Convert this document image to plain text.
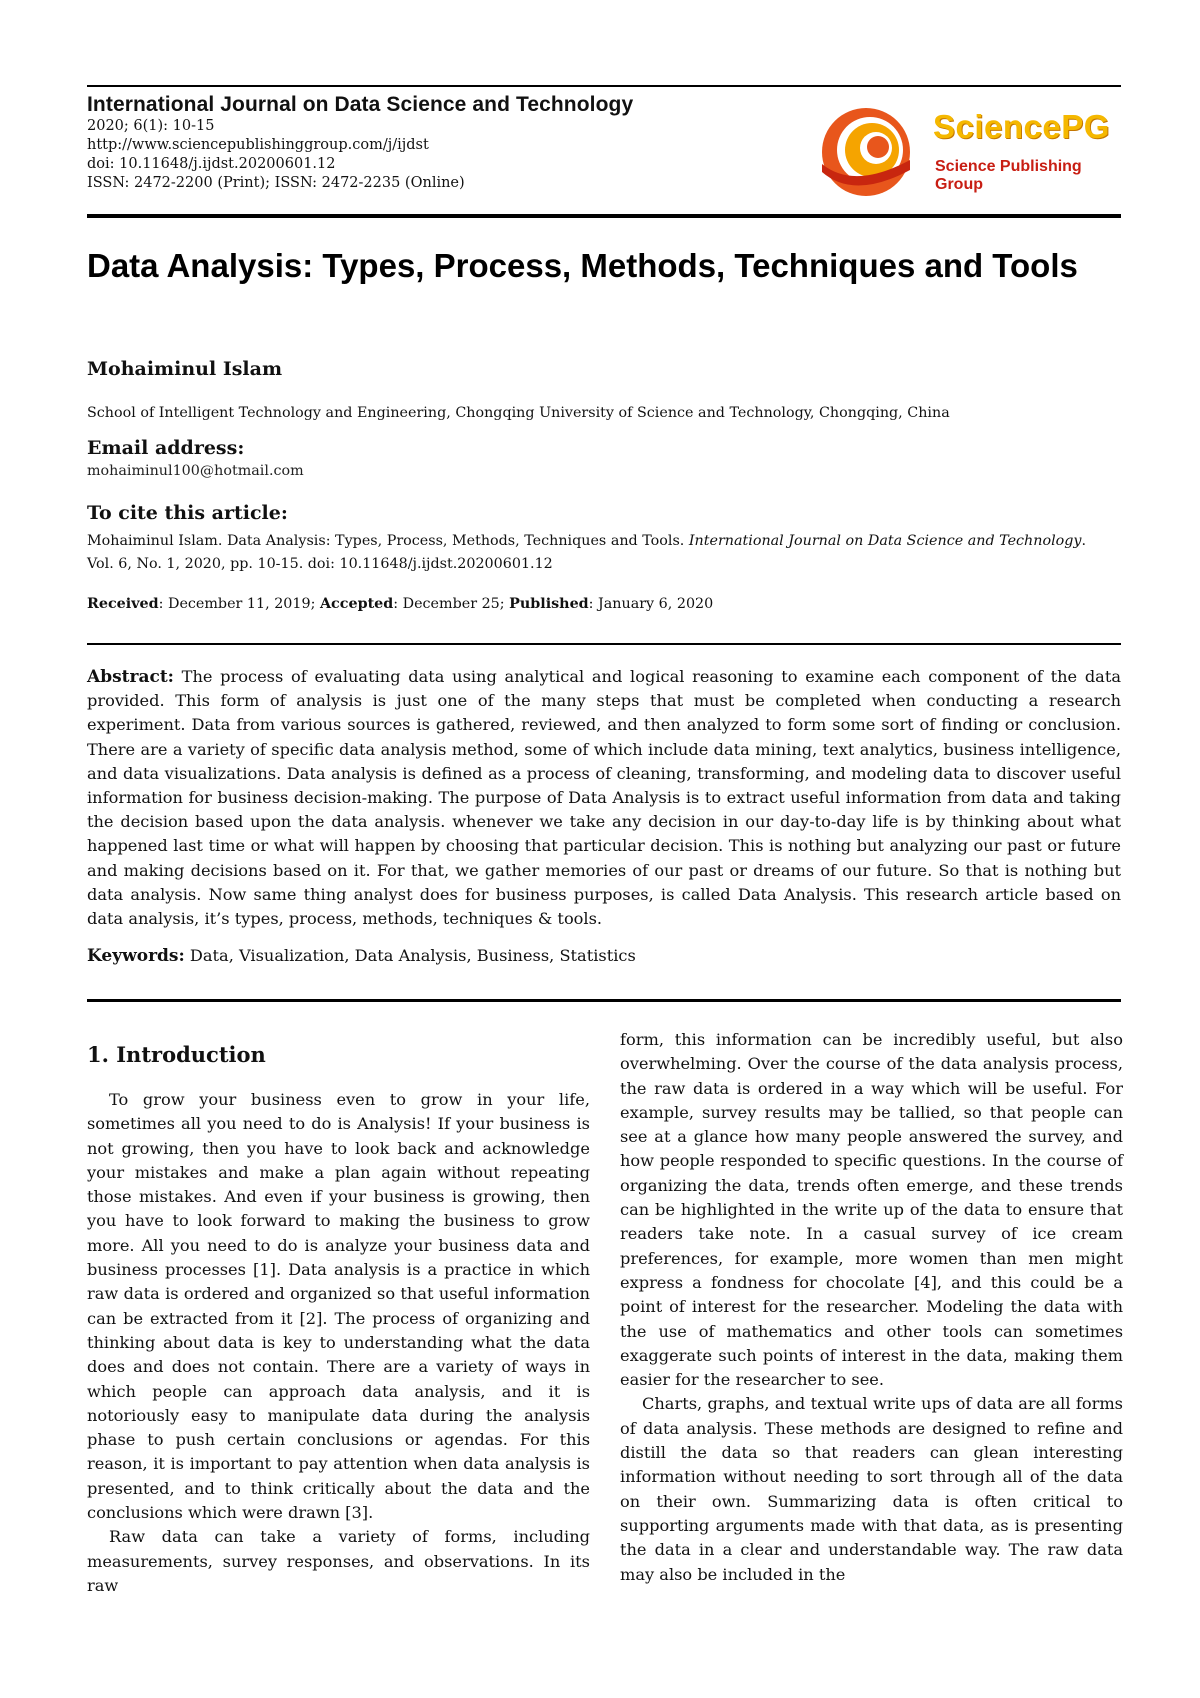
International Journal on Data Science and Technology
2020; 6(1): 10-15
http://www.sciencepublishinggroup.com/j/ijdst
doi: 10.11648/j.ijdst.20200601.12
ISSN: 2472-2200 (Print); ISSN: 2472-2235 (Online)
SciencePG
Science Publishing Group
Data Analysis: Types, Process, Methods, Techniques and Tools
Mohaiminul Islam
School of Intelligent Technology and Engineering, Chongqing University of Science and Technology, Chongqing, China
Email address:
mohaiminul100@hotmail.com
To cite this article:
Mohaiminul Islam. Data Analysis: Types, Process, Methods, Techniques and Tools. International Journal on Data Science and Technology. Vol. 6, No. 1, 2020, pp. 10-15. doi: 10.11648/j.ijdst.20200601.12
Received: December 11, 2019; Accepted: December 25; Published: January 6, 2020
Abstract: The process of evaluating data using analytical and logical reasoning to examine each component of the data provided. This form of analysis is just one of the many steps that must be completed when conducting a research experiment. Data from various sources is gathered, reviewed, and then analyzed to form some sort of finding or conclusion. There are a variety of specific data analysis method, some of which include data mining, text analytics, business intelligence, and data visualizations. Data analysis is defined as a process of cleaning, transforming, and modeling data to discover useful information for business decision-making. The purpose of Data Analysis is to extract useful information from data and taking the decision based upon the data analysis. whenever we take any decision in our day-to-day life is by thinking about what happened last time or what will happen by choosing that particular decision. This is nothing but analyzing our past or future and making decisions based on it. For that, we gather memories of our past or dreams of our future. So that is nothing but data analysis. Now same thing analyst does for business purposes, is called Data Analysis. This research article based on data analysis, it’s types, process, methods, techniques & tools.
Keywords: Data, Visualization, Data Analysis, Business, Statistics
1. Introduction

To grow your business even to grow in your life, sometimes all you need to do is Analysis! If your business is not growing, then you have to look back and acknowledge your mistakes and make a plan again without repeating those mistakes. And even if your business is growing, then you have to look forward to making the business to grow more. All you need to do is analyze your business data and business processes [1]. Data analysis is a practice in which raw data is ordered and organized so that useful information can be extracted from it [2]. The process of organizing and thinking about data is key to understanding what the data does and does not contain. There are a variety of ways in which people can approach data analysis, and it is notoriously easy to manipulate data during the analysis phase to push certain conclusions or agendas. For this reason, it is important to pay attention when data analysis is presented, and to think critically about the data and the conclusions which were drawn [3].

Raw data can take a variety of forms, including measurements, survey responses, and observations. In its raw

form, this information can be incredibly useful, but also overwhelming. Over the course of the data analysis process, the raw data is ordered in a way which will be useful. For example, survey results may be tallied, so that people can see at a glance how many people answered the survey, and how people responded to specific questions. In the course of organizing the data, trends often emerge, and these trends can be highlighted in the write up of the data to ensure that readers take note. In a casual survey of ice cream preferences, for example, more women than men might express a fondness for chocolate [4], and this could be a point of interest for the researcher. Modeling the data with the use of mathematics and other tools can sometimes exaggerate such points of interest in the data, making them easier for the researcher to see.

Charts, graphs, and textual write ups of data are all forms of data analysis. These methods are designed to refine and distill the data so that readers can glean interesting information without needing to sort through all of the data on their own. Summarizing data is often critical to supporting arguments made with that data, as is presenting the data in a clear and understandable way. The raw data may also be included in the
